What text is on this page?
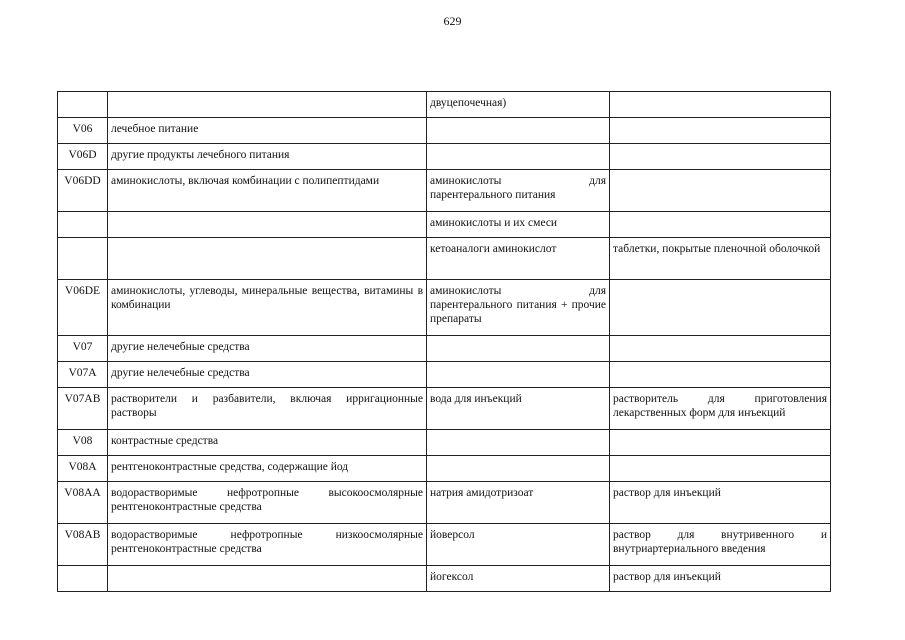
629
		двуцепочечная)	
V06	лечебное питание		
V06D	другие продукты лечебного питания		
V06DD	аминокислоты, включая комбинации с полипептидами	аминокислоты для парентерального питания	
		аминокислоты и их смеси	
		кетоаналоги аминокислот	таблетки, покрытые пленочной оболочкой
V06DE	аминокислоты, углеводы, минеральные вещества, витамины в комбинации	аминокислоты для парентерального питания + прочие препараты	
V07	другие нелечебные средства		
V07A	другие нелечебные средства		
V07AB	растворители и разбавители, включая ирригационные растворы	вода для инъекций	растворитель для приготовления лекарственных форм для инъекций
V08	контрастные средства		
V08A	рентгеноконтрастные средства, содержащие йод		
V08AA	водорастворимые нефротропные высокоосмолярные рентгеноконтрастные средства	натрия амидотризоат	раствор для инъекций
V08AB	водорастворимые нефротропные низкоосмолярные рентгеноконтрастные средства	йоверсол	раствор для внутривенного и внутриартериального введения
		йогексол	раствор для инъекций
